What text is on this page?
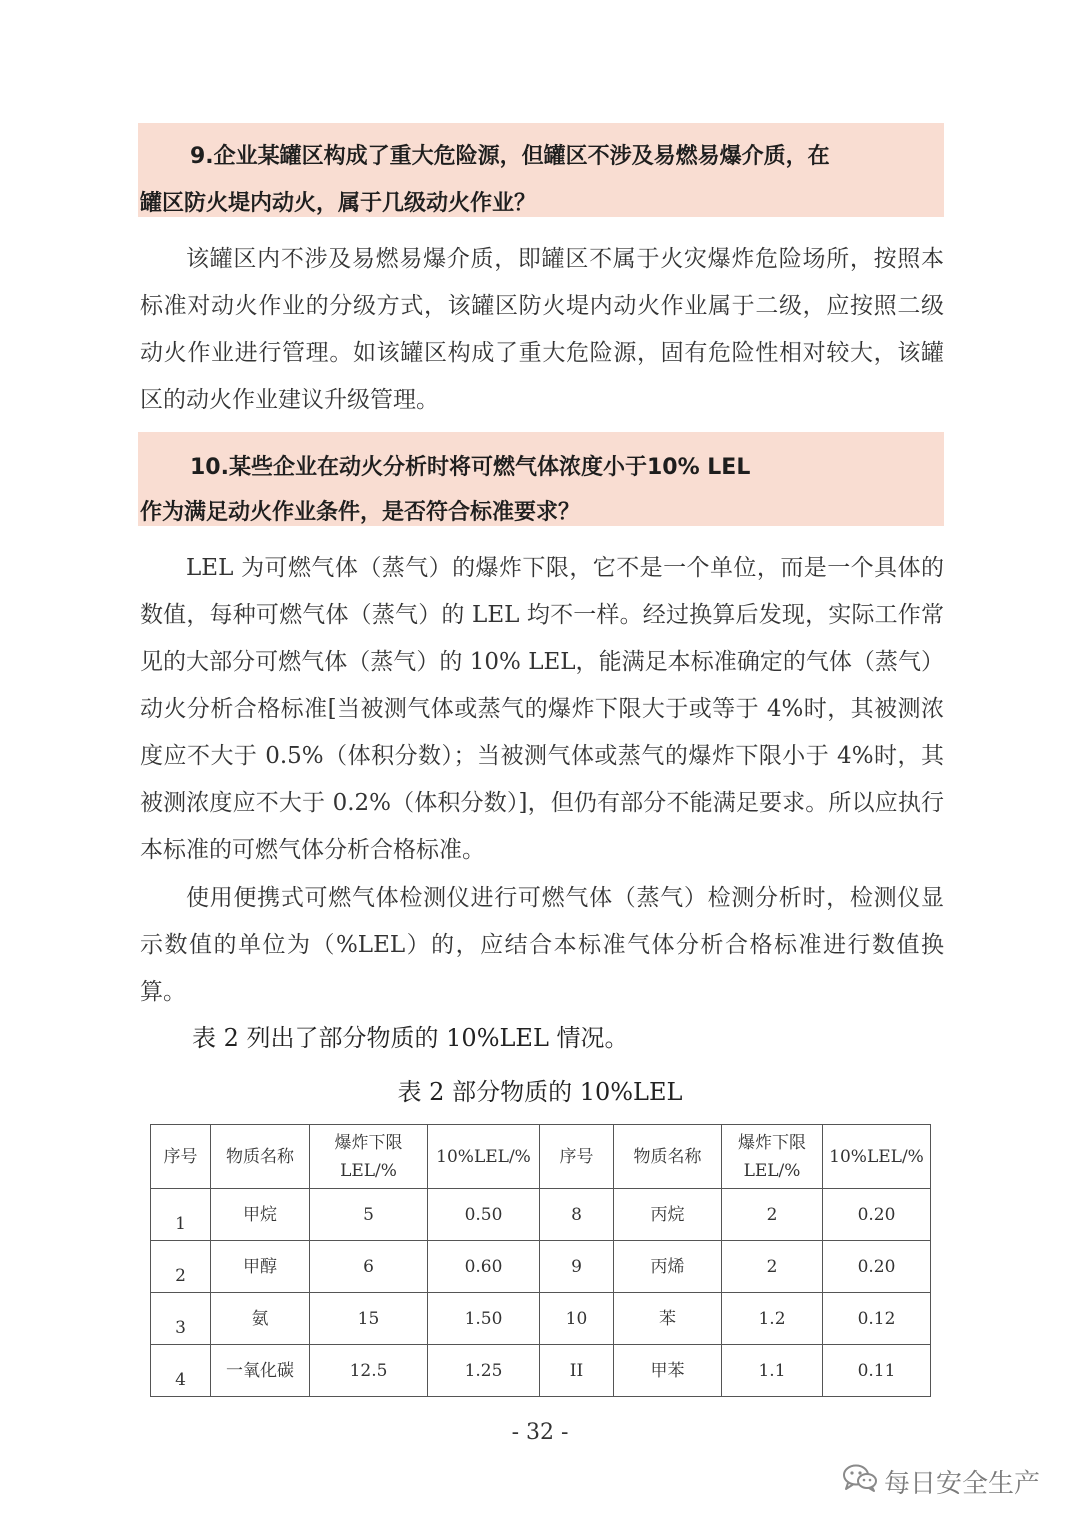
9.企业某罐区构成了重大危险源，但罐区不涉及易燃易爆介质，在
罐区防火堤内动火，属于几级动火作业？

该罐区内不涉及易燃易爆介质，即罐区不属于火灾爆炸危险场所，按照本标准对动火作业的分级方式，该罐区防火堤内动火作业属于二级，应按照二级动火作业进行管理。如该罐区构成了重大危险源，固有危险性相对较大，该罐区的动火作业建议升级管理。

10.某些企业在动火分析时将可燃气体浓度小于10% LEL
作为满足动火作业条件，是否符合标准要求？

LEL 为可燃气体（蒸气）的爆炸下限，它不是一个单位，而是一个具体的数值，每种可燃气体（蒸气）的 LEL 均不一样。经过换算后发现，实际工作常见的大部分可燃气体（蒸气）的 10% LEL，能满足本标准确定的气体（蒸气）动火分析合格标准[当被测气体或蒸气的爆炸下限大于或等于 4%时，其被测浓度应不大于 0.5%（体积分数）；当被测气体或蒸气的爆炸下限小于 4%时，其被测浓度应不大于 0.2%（体积分数）]，但仍有部分不能满足要求。所以应执行本标准的可燃气体分析合格标准。

使用便携式可燃气体检测仪进行可燃气体（蒸气）检测分析时，检测仪显示数值的单位为（%LEL）的，应结合本标准气体分析合格标准进行数值换算。

表 2 列出了部分物质的 10%LEL 情况。
表 2 部分物质的 10%LEL
序号	物质名称	爆炸下限LEL/%	10%LEL/%	序号	物质名称	爆炸下限LEL/%	10%LEL/%
1	甲烷	5	0.50	8	丙烷	2	0.20
2	甲醇	6	0.60	9	丙烯	2	0.20
3	氨	15	1.50	10	苯	1.2	0.12
4	一氧化碳	12.5	1.25	II	甲苯	1.1	0.11
- 32 -
每日安全生产
